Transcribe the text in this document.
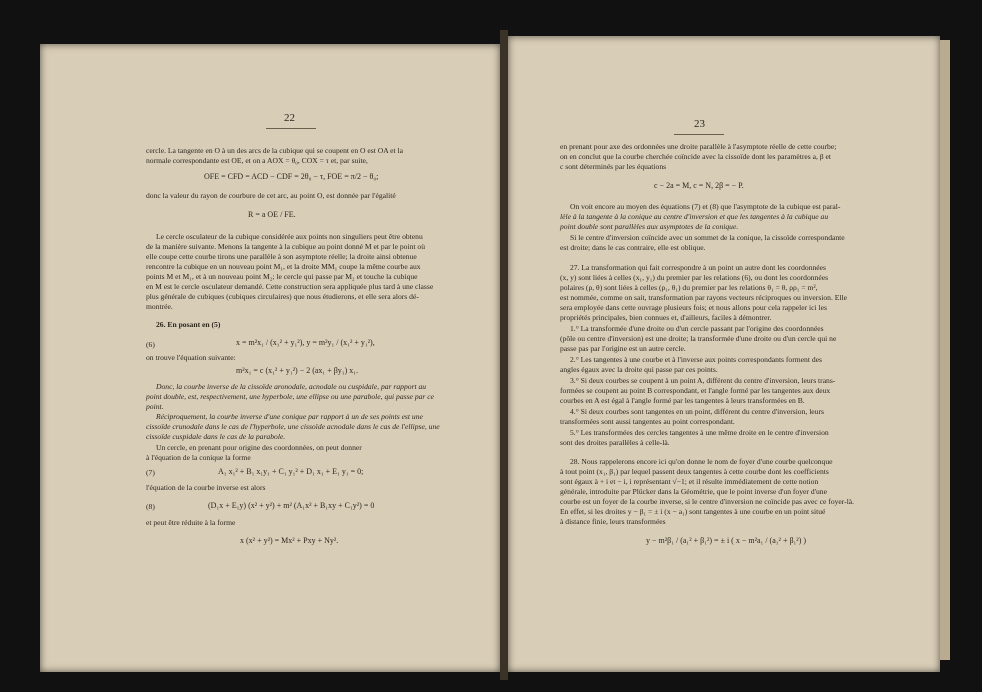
22
cercle. La tangente en O à un des arcs de la cubique qui se coupent en O est OA et la
normale correspondante est OE, et on a AOX = θ₀, COX = τ et, par suite,
OFE = CFD = ACD − CDF = 2θ₀ − τ, FOE = π/2 − θ₀;
donc la valeur du rayon de courbure de cet arc, au point O, est donnée par l'égalité
R = a OE / FE.
Le cercle osculateur de la cubique considérée aux points non singuliers peut être obtenu
de la manière suivante. Menons la tangente à la cubique au point donné M et par le point où
elle coupe cette courbe tirons une parallèle à son asymptote réelle; la droite ainsi obtenue
rencontre la cubique en un nouveau point M₁, et la droite MM₁ coupe la même courbe aux
points M et M₁, et à un nouveau point M₂; le cercle qui passe par M₂ et touche la cubique
en M est le cercle osculateur demandé. Cette construction sera appliquée plus tard à une classe
plus générale de cubiques (cubiques circulaires) que nous étudierons, et elle sera alors dé-
montrée.
26. En posant en (5)
(6)	x = m²x₁ / (x₁² + y₁²), y = m²y₁ / (x₁² + y₁²),
on trouve l'équation suivante:
m²x₁ = c (x₁² + y₁²) − 2 (ax₁ + βy₁) x₁.
Donc, la courbe inverse de la cissoïde aronodale, acnodale ou cuspidale, par rapport au
point double, est, respectivement, une hyperbole, une ellipse ou une parabole, qui passe par ce
point.
Réciproquement, la courbe inverse d'une conique par rapport à un de ses points est une
cissoïde crunodale dans le cas de l'hyperbole, une cissoïde acnodale dans le cas de l'ellipse, une
cissoïde cuspidale dans le cas de la parabole.
Un cercle, en prenant pour origine des coordonnées, on peut donner
à l'équation de la conique la forme
(7)	A₁ x₁² + B₁ x₁y₁ + C₁ y₁² + D₁ x₁ + E₁ y₁ = 0;
l'équation de la courbe inverse est alors
(8)	(D₁x + E₁y) (x² + y²) + m² (A₁x² + B₁xy + C₁y²) = 0
et peut être réduite à la forme
x (x² + y²) = Mx² + Pxy + Ny².
23
en prenant pour axe des ordonnées une droite parallèle à l'asymptote réelle de cette courbe;
on en conclut que la courbe cherchée coïncide avec la cissoïde dont les paramètres a, β et
c sont déterminés par les équations
c − 2a = M, c = N, 2β = − P.
On voit encore au moyen des équations (7) et (8) que l'asymptote de la cubique est paral-
lèle à la tangente à la conique au centre d'inversion et que les tangentes à la cubique au
point double sont parallèles aux asymptotes de la conique.
Si le centre d'inversion coïncide avec un sommet de la conique, la cissoïde correspondante
est droite; dans le cas contraire, elle est oblique.
27. La transformation qui fait correspondre à un point un autre dont les coordonnées
(x, y) sont liées à celles (x₁, y₁) du premier par les relations (6), ou dont les coordonnées
polaires (ρ, θ) sont liées à celles (ρ₁, θ₁) du premier par les relations θ₁ = θ, ρρ₁ = m²,
est nommée, comme on sait, transformation par rayons vecteurs réciproques ou inversion. Elle
sera employée dans cette ouvrage plusieurs fois; et nous allons pour cela rappeler ici les
propriétés principales, bien connues et, d'ailleurs, faciles à démontrer.
1.° La transformée d'une droite ou d'un cercle passant par l'origine des coordonnées
(pôle ou centre d'inversion) est une droite; la transformée d'une droite ou d'un cercle qui ne
passe pas par l'origine est un autre cercle.
2.° Les tangentes à une courbe et à l'inverse aux points correspondants forment des
angles égaux avec la droite qui passe par ces points.
3.° Si deux courbes se coupent à un point A, différent du centre d'inversion, leurs trans-
formées se coupent au point B correspondant, et l'angle formé par les tangentes aux deux
courbes en A est égal à l'angle formé par les tangentes à leurs transformées en B.
4.° Si deux courbes sont tangentes en un point, différent du centre d'inversion, leurs
transformées sont aussi tangentes au point correspondant.
5.° Les transformées des cercles tangentes à une même droite en le centre d'inversion
sont des droites parallèles à celle-là.
28. Nous rappelerons encore ici qu'on donne le nom de foyer d'une courbe quelconque
à tout point (x₁, β₁) par lequel passent deux tangentes à cette courbe dont les coefficients
sont égaux à + i et − i, i représentant √−1; et il résulte immédiatement de cette notion
générale, introduite par Plücker dans la Géométrie, que le point inverse d'un foyer d'une
courbe est un foyer de la courbe inverse, si le centre d'inversion ne coïncide pas avec ce foyer-là.
En effet, si les droites y − β₁ = ± i (x − a₁) sont tangentes à une courbe en un point situé
à distance finie, leurs transformées
y − m²β₁ / (a₁² + β₁²) = ± i ( x − m²a₁ / (a₁² + β₁²) )
